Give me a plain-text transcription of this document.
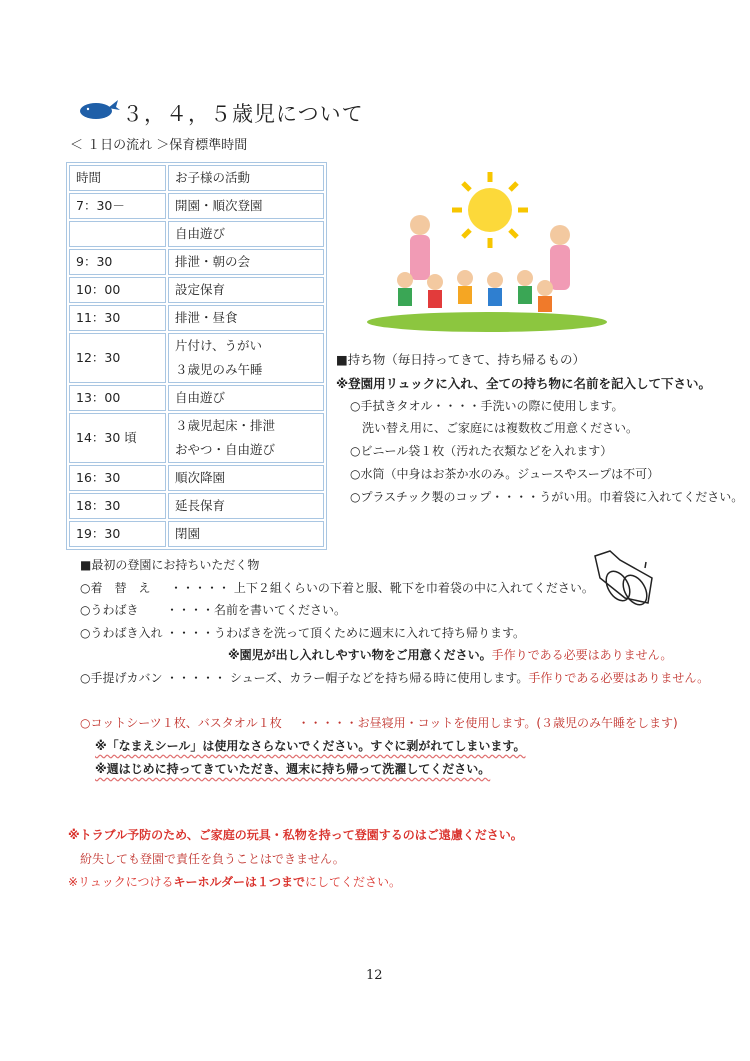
３，４，５歳児について
＜ １日の流れ ＞保育標準時間
時間	お子様の活動
7：30－	開園・順次登園

	自由遊び

9：30	排泄・朝の会

10：00	設定保育

11：30	排泄・昼食

12：30	片付け、うがい
３歳児のみ午睡

13：00	自由遊び

14：30 頃	３歳児起床・排泄
おやつ・自由遊び

16：30	順次降園

18：30	延長保育

19：30	閉園
■持ち物（毎日持ってきて、持ち帰るもの）
※登園用リュックに入れ、全ての持ち物に名前を記入して下さい。
○手拭きタオル・・・・手洗いの際に使用します。
洗い替え用に、ご家庭には複数枚ご用意ください。
○ビニール袋１枚（汚れた衣類などを入れます）
○水筒（中身はお茶か水のみ。ジュースやスープは不可）
○プラスチック製のコップ・・・・うがい用。巾着袋に入れてください。
■最初の登園にお持ちいただく物
○着　替　え ・・・・・ 上下２組くらいの下着と服、靴下を巾着袋の中に入れてください。
○うわばき ・・・・名前を書いてください。
○うわばき入れ ・・・・うわばきを洗って頂くために週末に入れて持ち帰ります。
※園児が出し入れしやすい物をご用意ください。手作りである必要はありません。
○手提げカバン ・・・・・ シューズ、カラー帽子などを持ち帰る時に使用します。手作りである必要はありません。
○コットシーツ１枚、バスタオル１枚　 ・・・・・お昼寝用・コットを使用します。(３歳児のみ午睡をします)
※「なまえシール」は使用なさらないでください。すぐに剥がれてしまいます。
※週はじめに持ってきていただき、週末に持ち帰って洗濯してください。
※トラブル予防のため、ご家庭の玩具・私物を持って登園するのはご遠慮ください。
紛失しても登園で責任を負うことはできません。
※リュックにつけるキーホルダーは１つまでにしてください。
12
